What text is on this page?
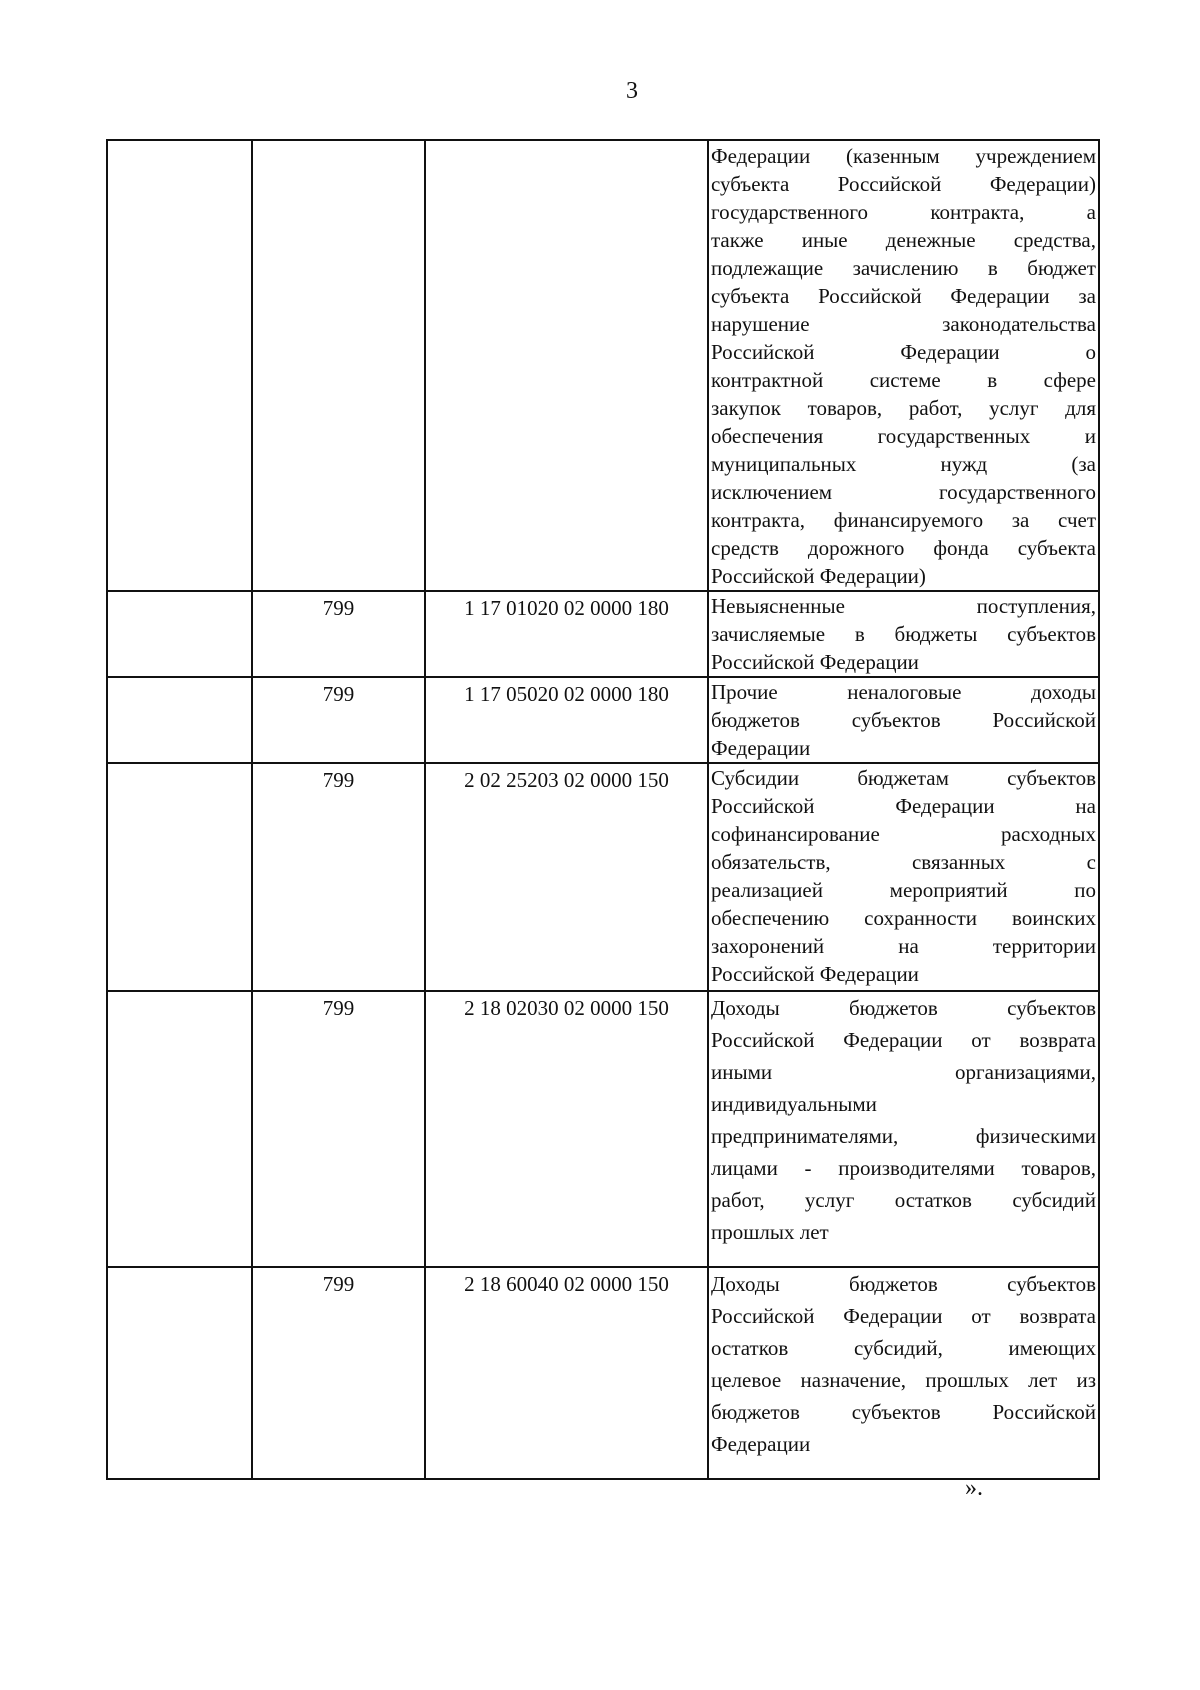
3
Федерации (казенным учреждением
субъекта Российской Федерации)
государственного контракта, а
также иные денежные средства,
подлежащие зачислению в бюджет
субъекта Российской Федерации за
нарушение законодательства
Российской Федерации о
контрактной системе в сфере
закупок товаров, работ, услуг для
обеспечения государственных и
муниципальных нужд (за
исключением государственного
контракта, финансируемого за счет
средств дорожного фонда субъекта
Российской Федерации)
799	1 17 01020 02 0000 180	Невыясненные поступления,
зачисляемые в бюджеты субъектов
Российской Федерации
799	1 17 05020 02 0000 180	Прочие неналоговые доходы
бюджетов субъектов Российской
Федерации
799	2 02 25203 02 0000 150	Субсидии бюджетам субъектов
Российской Федерации на
софинансирование расходных
обязательств, связанных с
реализацией мероприятий по
обеспечению сохранности воинских
захоронений на территории
Российской Федерации
799	2 18 02030 02 0000 150	Доходы бюджетов субъектов
Российской Федерации от возврата
иными организациями,
индивидуальными
предпринимателями, физическими
лицами - производителями товаров,
работ, услуг остатков субсидий
прошлых лет
799	2 18 60040 02 0000 150	Доходы бюджетов субъектов
Российской Федерации от возврата
остатков субсидий, имеющих
целевое назначение, прошлых лет из
бюджетов субъектов Российской
Федерации
».
